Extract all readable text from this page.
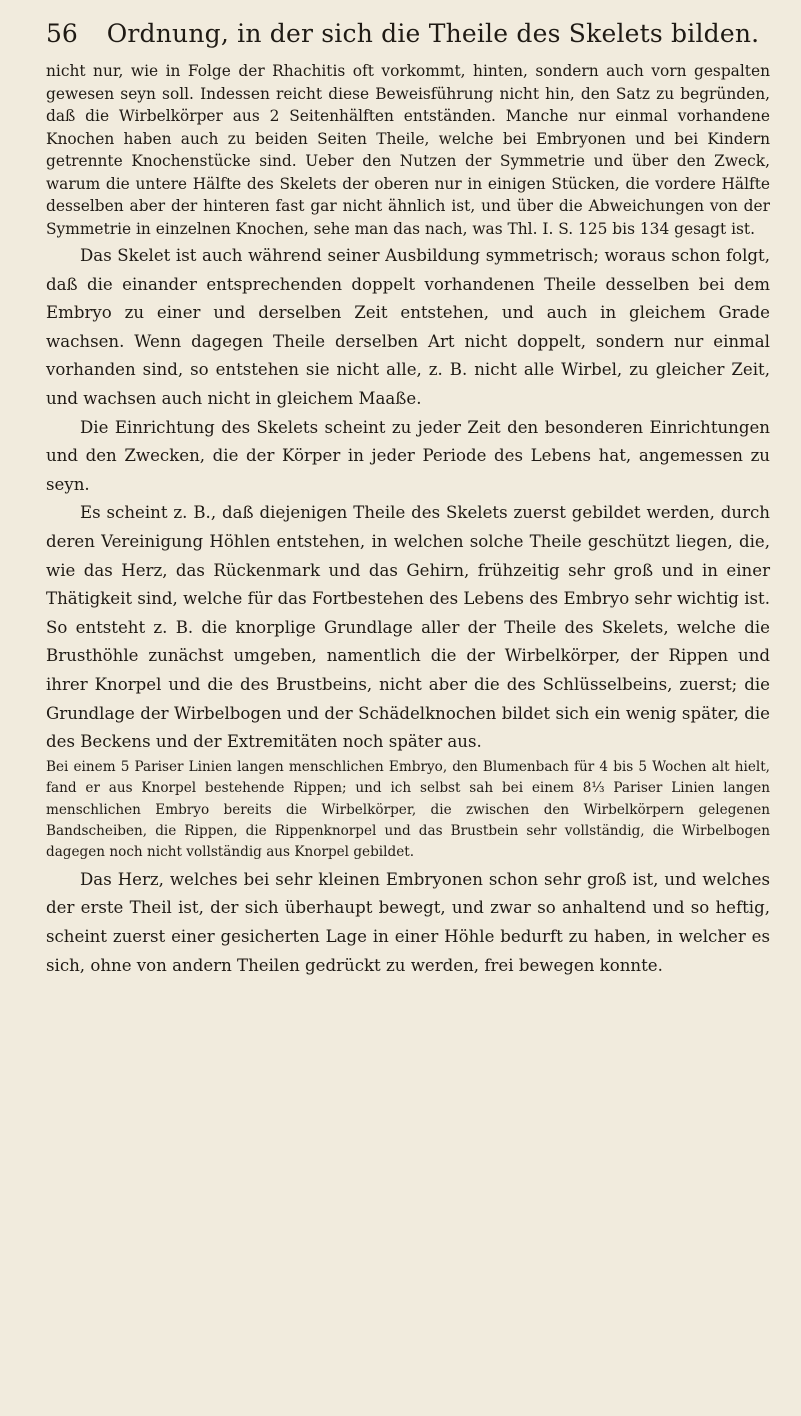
56	Ordnung, in der sich die Theile des Skelets bilden.

nicht nur, wie in Folge der Rhachitis oft vorkommt, hinten, sondern auch vorn gespalten gewesen seyn soll. Indessen reicht diese Beweisführung nicht hin, den Satz zu begründen, daß die Wirbelkörper aus 2 Seitenhälften entständen. Manche nur einmal vorhandene Knochen haben auch zu beiden Seiten Theile, welche bei Embryonen und bei Kindern getrennte Knochenstücke sind. Ueber den Nutzen der Symmetrie und über den Zweck, warum die untere Hälfte des Skelets der oberen nur in einigen Stücken, die vordere Hälfte desselben aber der hinteren fast gar nicht ähnlich ist, und über die Abweichungen von der Symmetrie in einzelnen Knochen, sehe man das nach, was Thl. I. S. 125 bis 134 gesagt ist.

Das Skelet ist auch während seiner Ausbildung symmetrisch; woraus schon folgt, daß die einander entsprechenden doppelt vorhandenen Theile desselben bei dem Embryo zu einer und derselben Zeit entstehen, und auch in gleichem Grade wachsen. Wenn dagegen Theile derselben Art nicht doppelt, sondern nur einmal vorhanden sind, so entstehen sie nicht alle, z. B. nicht alle Wirbel, zu gleicher Zeit, und wachsen auch nicht in gleichem Maaße.

Die Einrichtung des Skelets scheint zu jeder Zeit den besonderen Einrichtungen und den Zwecken, die der Körper in jeder Periode des Lebens hat, angemessen zu seyn.

Es scheint z. B., daß diejenigen Theile des Skelets zuerst gebildet werden, durch deren Vereinigung Höhlen entstehen, in welchen solche Theile geschützt liegen, die, wie das Herz, das Rückenmark und das Gehirn, frühzeitig sehr groß und in einer Thätigkeit sind, welche für das Fortbestehen des Lebens des Embryo sehr wichtig ist. So entsteht z. B. die knorplige Grundlage aller der Theile des Skelets, welche die Brusthöhle zunächst umgeben, namentlich die der Wirbelkörper, der Rippen und ihrer Knorpel und die des Brustbeins, nicht aber die des Schlüsselbeins, zuerst; die Grundlage der Wirbelbogen und der Schädelknochen bildet sich ein wenig später, die des Beckens und der Extremitäten noch später aus.

Bei einem 5 Pariser Linien langen menschlichen Embryo, den Blumenbach für 4 bis 5 Wochen alt hielt, fand er aus Knorpel bestehende Rippen; und ich selbst sah bei einem 8⅓ Pariser Linien langen menschlichen Embryo bereits die Wirbelkörper, die zwischen den Wirbelkörpern gelegenen Bandscheiben, die Rippen, die Rippenknorpel und das Brustbein sehr vollständig, die Wirbelbogen dagegen noch nicht vollständig aus Knorpel gebildet.

Das Herz, welches bei sehr kleinen Embryonen schon sehr groß ist, und welches der erste Theil ist, der sich überhaupt bewegt, und zwar so anhaltend und so heftig, scheint zuerst einer gesicherten Lage in einer Höhle bedurft zu haben, in welcher es sich, ohne von andern Theilen gedrückt zu werden, frei bewegen konnte.
